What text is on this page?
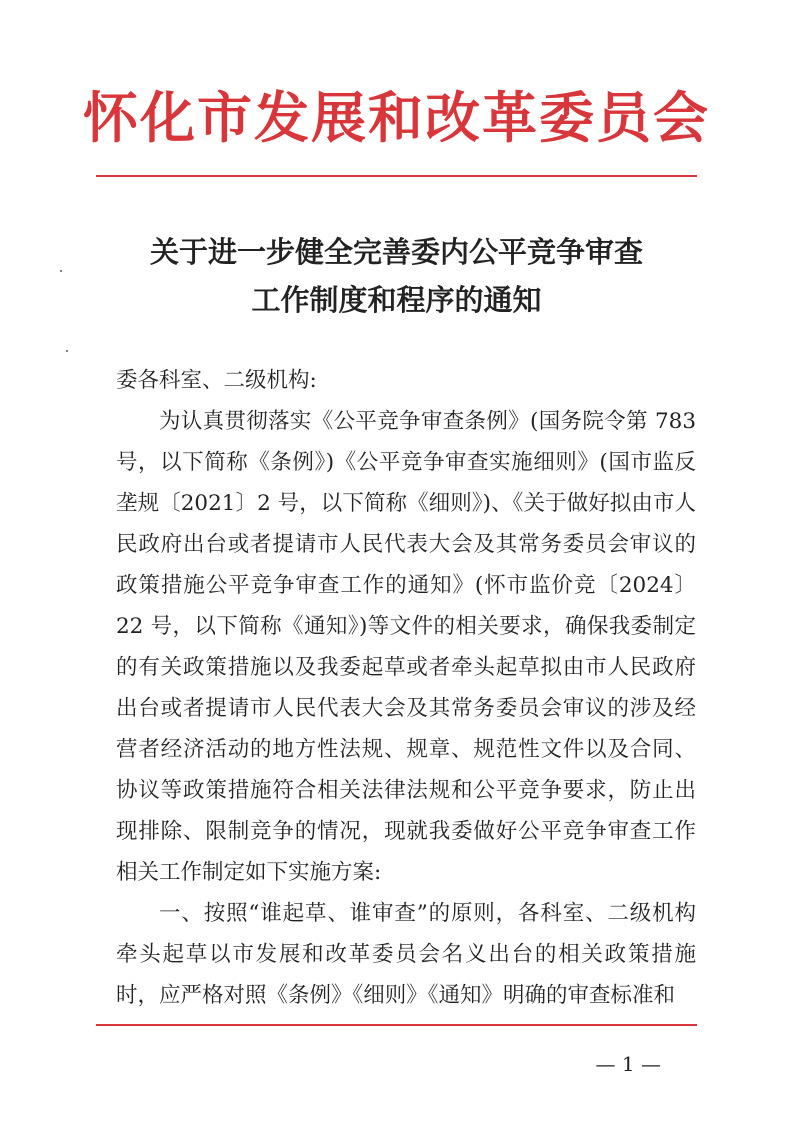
怀化市发展和改革委员会
关于进一步健全完善委内公平竞争审查
工作制度和程序的通知

委各科室、二级机构:

为认真贯彻落实《公平竞争审查条例》(国务院令第 783 号，以下简称《条例》)《公平竞争审查实施细则》(国市监反垄规〔2021〕2 号，以下简称《细则》)、《关于做好拟由市人民政府出台或者提请市人民代表大会及其常务委员会审议的政策措施公平竞争审查工作的通知》(怀市监价竞〔2024〕22 号，以下简称《通知》)等文件的相关要求，确保我委制定的有关政策措施以及我委起草或者牵头起草拟由市人民政府出台或者提请市人民代表大会及其常务委员会审议的涉及经营者经济活动的地方性法规、规章、规范性文件以及合同、协议等政策措施符合相关法律法规和公平竞争要求，防止出现排除、限制竞争的情况，现就我委做好公平竞争审查工作相关工作制定如下实施方案:

一、按照“谁起草、谁审查”的原则，各科室、二级机构牵头起草以市发展和改革委员会名义出台的相关政策措施时，应严格对照《条例》《细则》《通知》明确的审查标准和

— 1 —
